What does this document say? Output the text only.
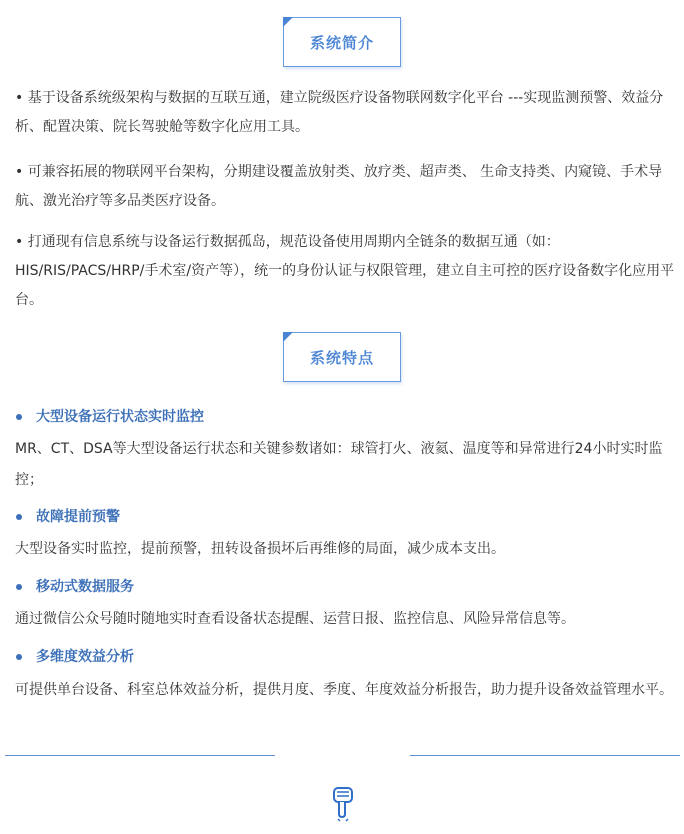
系统简介

• 基于设备系统级架构与数据的互联互通，建立院级医疗设备物联网数字化平台 ---实现监测预警、效益分析、配置决策、院长驾驶舱等数字化应用工具。

• 可兼容拓展的物联网平台架构，分期建设覆盖放射类、放疗类、超声类、 生命支持类、内窥镜、手术导航、激光治疗等多品类医疗设备。

• 打通现有信息系统与设备运行数据孤岛，规范设备使用周期内全链条的数据互通（如：HIS/RIS/PACS/HRP/手术室/资产等），统一的身份认证与权限管理，建立自主可控的医疗设备数字化应用平台。

系统特点
大型设备运行状态实时监控

MR、CT、DSA等大型设备运行状态和关键参数诸如：球管打火、液氦、温度等和异常进行24小时实时监控；

故障提前预警

大型设备实时监控，提前预警，扭转设备损坏后再维修的局面，减少成本支出。

移动式数据服务

通过微信公众号随时随地实时查看设备状态提醒、运营日报、监控信息、风险异常信息等。

多维度效益分析

可提供单台设备、科室总体效益分析，提供月度、季度、年度效益分析报告，助力提升设备效益管理水平。
